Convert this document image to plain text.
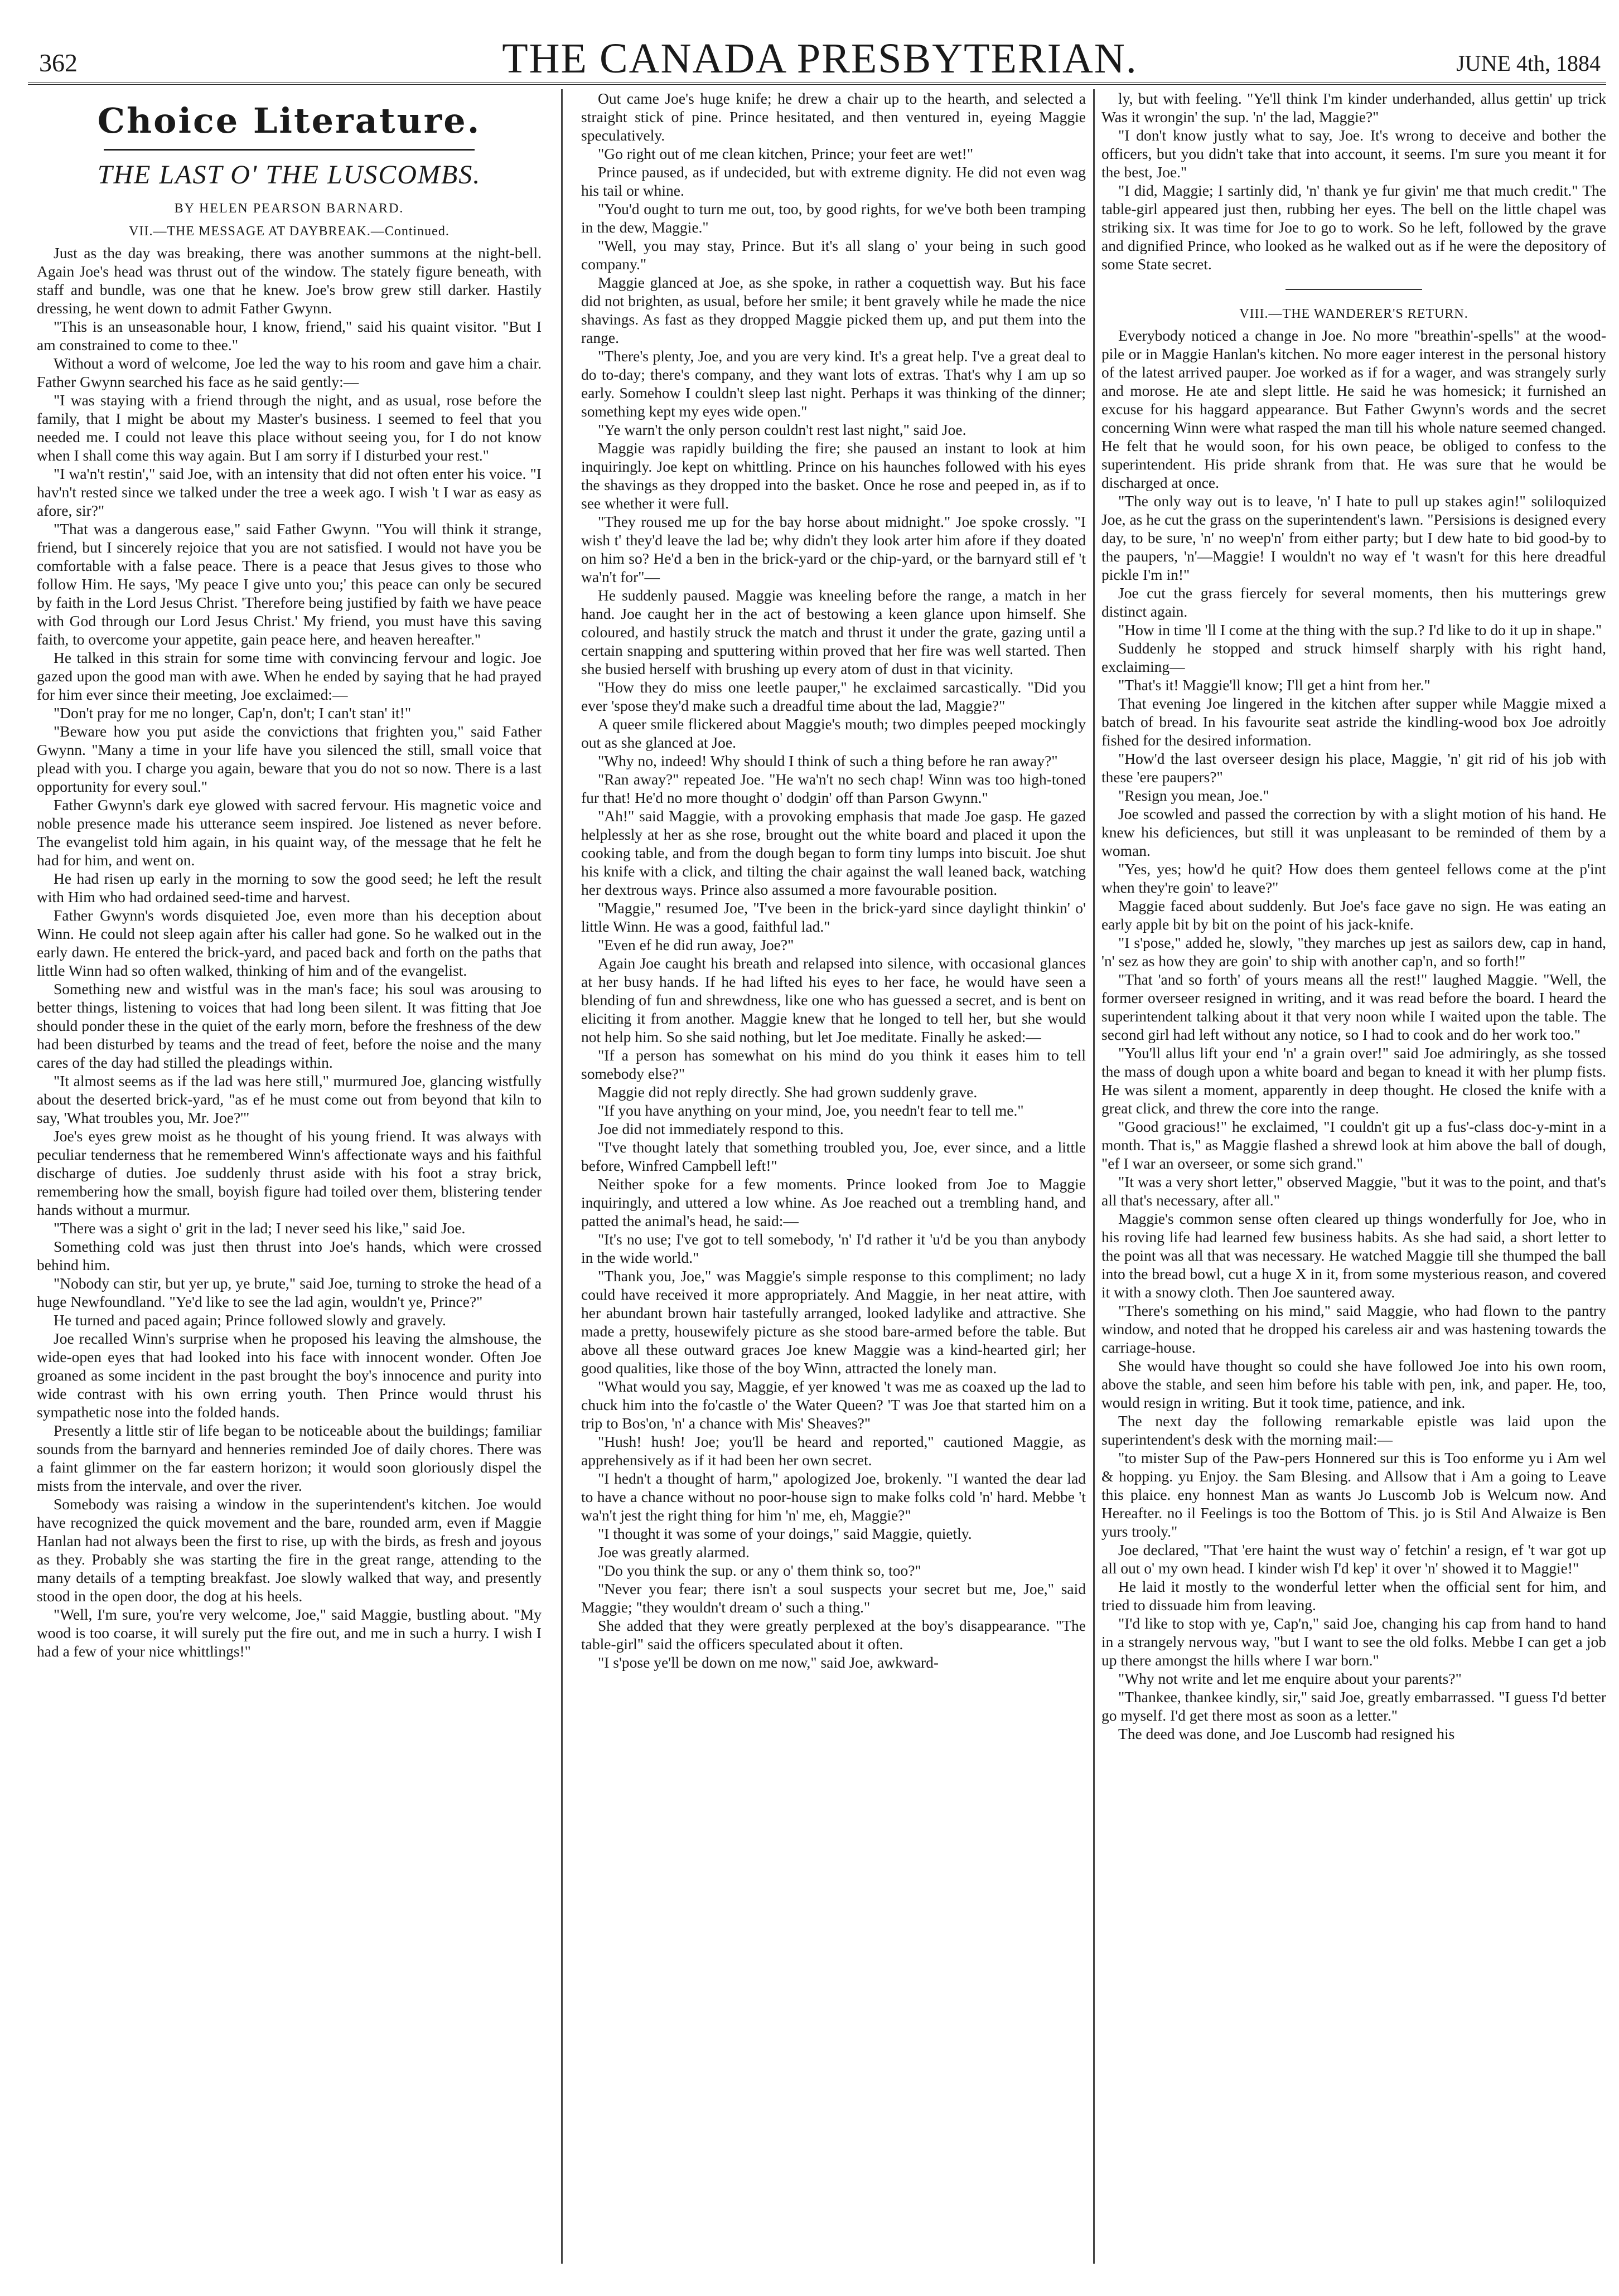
362	THE CANADA PRESBYTERIAN.	JUNE 4th, 1884
Choice Literature.
THE LAST O' THE LUSCOMBS.
BY HELEN PEARSON BARNARD.
VII.—THE MESSAGE AT DAYBREAK.—Continued.

Just as the day was breaking, there was another summons at the night-bell. Again Joe's head was thrust out of the window. The stately figure beneath, with staff and bundle, was one that he knew. Joe's brow grew still darker. Hastily dressing, he went down to admit Father Gwynn.

"This is an unseasonable hour, I know, friend," said his quaint visitor. "But I am constrained to come to thee."

Without a word of welcome, Joe led the way to his room and gave him a chair. Father Gwynn searched his face as he said gently:—

"I was staying with a friend through the night, and as usual, rose before the family, that I might be about my Master's business. I seemed to feel that you needed me. I could not leave this place without seeing you, for I do not know when I shall come this way again. But I am sorry if I disturbed your rest."

"I wa'n't restin'," said Joe, with an intensity that did not often enter his voice. "I hav'n't rested since we talked under the tree a week ago. I wish 't I war as easy as afore, sir?"

"That was a dangerous ease," said Father Gwynn. "You will think it strange, friend, but I sincerely rejoice that you are not satisfied. I would not have you be comfortable with a false peace. There is a peace that Jesus gives to those who follow Him. He says, 'My peace I give unto you;' this peace can only be secured by faith in the Lord Jesus Christ. 'Therefore being justified by faith we have peace with God through our Lord Jesus Christ.' My friend, you must have this saving faith, to overcome your appetite, gain peace here, and heaven hereafter."

He talked in this strain for some time with convincing fervour and logic. Joe gazed upon the good man with awe. When he ended by saying that he had prayed for him ever since their meeting, Joe exclaimed:—

"Don't pray for me no longer, Cap'n, don't; I can't stan' it!"

"Beware how you put aside the convictions that frighten you," said Father Gwynn. "Many a time in your life have you silenced the still, small voice that plead with you. I charge you again, beware that you do not so now. There is a last opportunity for every soul."

Father Gwynn's dark eye glowed with sacred fervour. His magnetic voice and noble presence made his utterance seem inspired. Joe listened as never before. The evangelist told him again, in his quaint way, of the message that he felt he had for him, and went on.

He had risen up early in the morning to sow the good seed; he left the result with Him who had ordained seed-time and harvest.

Father Gwynn's words disquieted Joe, even more than his deception about Winn. He could not sleep again after his caller had gone. So he walked out in the early dawn. He entered the brick-yard, and paced back and forth on the paths that little Winn had so often walked, thinking of him and of the evangelist.

Something new and wistful was in the man's face; his soul was arousing to better things, listening to voices that had long been silent. It was fitting that Joe should ponder these in the quiet of the early morn, before the freshness of the dew had been disturbed by teams and the tread of feet, before the noise and the many cares of the day had stilled the pleadings within.

"It almost seems as if the lad was here still," murmured Joe, glancing wistfully about the deserted brick-yard, "as ef he must come out from beyond that kiln to say, 'What troubles you, Mr. Joe?'"

Joe's eyes grew moist as he thought of his young friend. It was always with peculiar tenderness that he remembered Winn's affectionate ways and his faithful discharge of duties. Joe suddenly thrust aside with his foot a stray brick, remembering how the small, boyish figure had toiled over them, blistering tender hands without a murmur.

"There was a sight o' grit in the lad; I never seed his like," said Joe.

Something cold was just then thrust into Joe's hands, which were crossed behind him.

"Nobody can stir, but yer up, ye brute," said Joe, turning to stroke the head of a huge Newfoundland. "Ye'd like to see the lad agin, wouldn't ye, Prince?"

He turned and paced again; Prince followed slowly and gravely.

Joe recalled Winn's surprise when he proposed his leaving the almshouse, the wide-open eyes that had looked into his face with innocent wonder. Often Joe groaned as some incident in the past brought the boy's innocence and purity into wide contrast with his own erring youth. Then Prince would thrust his sympathetic nose into the folded hands.

Presently a little stir of life began to be noticeable about the buildings; familiar sounds from the barnyard and henneries reminded Joe of daily chores. There was a faint glimmer on the far eastern horizon; it would soon gloriously dispel the mists from the intervale, and over the river.

Somebody was raising a window in the superintendent's kitchen. Joe would have recognized the quick movement and the bare, rounded arm, even if Maggie Hanlan had not always been the first to rise, up with the birds, as fresh and joyous as they. Probably she was starting the fire in the great range, attending to the many details of a tempting breakfast. Joe slowly walked that way, and presently stood in the open door, the dog at his heels.

"Well, I'm sure, you're very welcome, Joe," said Maggie, bustling about. "My wood is too coarse, it will surely put the fire out, and me in such a hurry. I wish I had a few of your nice whittlings!"

Out came Joe's huge knife; he drew a chair up to the hearth, and selected a straight stick of pine. Prince hesitated, and then ventured in, eyeing Maggie speculatively.

"Go right out of me clean kitchen, Prince; your feet are wet!"

Prince paused, as if undecided, but with extreme dignity. He did not even wag his tail or whine.

"You'd ought to turn me out, too, by good rights, for we've both been tramping in the dew, Maggie."

"Well, you may stay, Prince. But it's all slang o' your being in such good company."

Maggie glanced at Joe, as she spoke, in rather a coquettish way. But his face did not brighten, as usual, before her smile; it bent gravely while he made the nice shavings. As fast as they dropped Maggie picked them up, and put them into the range.

"There's plenty, Joe, and you are very kind. It's a great help. I've a great deal to do to-day; there's company, and they want lots of extras. That's why I am up so early. Somehow I couldn't sleep last night. Perhaps it was thinking of the dinner; something kept my eyes wide open."

"Ye warn't the only person couldn't rest last night," said Joe.

Maggie was rapidly building the fire; she paused an instant to look at him inquiringly. Joe kept on whittling. Prince on his haunches followed with his eyes the shavings as they dropped into the basket. Once he rose and peeped in, as if to see whether it were full.

"They roused me up for the bay horse about midnight." Joe spoke crossly. "I wish t' they'd leave the lad be; why didn't they look arter him afore if they doated on him so? He'd a ben in the brick-yard or the chip-yard, or the barnyard still ef 't wa'n't for"—

He suddenly paused. Maggie was kneeling before the range, a match in her hand. Joe caught her in the act of bestowing a keen glance upon himself. She coloured, and hastily struck the match and thrust it under the grate, gazing until a certain snapping and sputtering within proved that her fire was well started. Then she busied herself with brushing up every atom of dust in that vicinity.

"How they do miss one leetle pauper," he exclaimed sarcastically. "Did you ever 'spose they'd make such a dreadful time about the lad, Maggie?"

A queer smile flickered about Maggie's mouth; two dimples peeped mockingly out as she glanced at Joe.

"Why no, indeed! Why should I think of such a thing before he ran away?"

"Ran away?" repeated Joe. "He wa'n't no sech chap! Winn was too high-toned fur that! He'd no more thought o' dodgin' off than Parson Gwynn."

"Ah!" said Maggie, with a provoking emphasis that made Joe gasp. He gazed helplessly at her as she rose, brought out the white board and placed it upon the cooking table, and from the dough began to form tiny lumps into biscuit. Joe shut his knife with a click, and tilting the chair against the wall leaned back, watching her dextrous ways. Prince also assumed a more favourable position.

"Maggie," resumed Joe, "I've been in the brick-yard since daylight thinkin' o' little Winn. He was a good, faithful lad."

"Even ef he did run away, Joe?"

Again Joe caught his breath and relapsed into silence, with occasional glances at her busy hands. If he had lifted his eyes to her face, he would have seen a blending of fun and shrewdness, like one who has guessed a secret, and is bent on eliciting it from another. Maggie knew that he longed to tell her, but she would not help him. So she said nothing, but let Joe meditate. Finally he asked:—

"If a person has somewhat on his mind do you think it eases him to tell somebody else?"

Maggie did not reply directly. She had grown suddenly grave.

"If you have anything on your mind, Joe, you needn't fear to tell me."

Joe did not immediately respond to this.

"I've thought lately that something troubled you, Joe, ever since, and a little before, Winfred Campbell left!"

Neither spoke for a few moments. Prince looked from Joe to Maggie inquiringly, and uttered a low whine. As Joe reached out a trembling hand, and patted the animal's head, he said:—

"It's no use; I've got to tell somebody, 'n' I'd rather it 'u'd be you than anybody in the wide world."

"Thank you, Joe," was Maggie's simple response to this compliment; no lady could have received it more appropriately. And Maggie, in her neat attire, with her abundant brown hair tastefully arranged, looked ladylike and attractive. She made a pretty, housewifely picture as she stood bare-armed before the table. But above all these outward graces Joe knew Maggie was a kind-hearted girl; her good qualities, like those of the boy Winn, attracted the lonely man.

"What would you say, Maggie, ef yer knowed 't was me as coaxed up the lad to chuck him into the fo'castle o' the Water Queen? 'T was Joe that started him on a trip to Bos'on, 'n' a chance with Mis' Sheaves?"

"Hush! hush! Joe; you'll be heard and reported," cautioned Maggie, as apprehensively as if it had been her own secret.

"I hedn't a thought of harm," apologized Joe, brokenly. "I wanted the dear lad to have a chance without no poor-house sign to make folks cold 'n' hard. Mebbe 't wa'n't jest the right thing for him 'n' me, eh, Maggie?"

"I thought it was some of your doings," said Maggie, quietly.

Joe was greatly alarmed.

"Do you think the sup. or any o' them think so, too?"

"Never you fear; there isn't a soul suspects your secret but me, Joe," said Maggie; "they wouldn't dream o' such a thing."

She added that they were greatly perplexed at the boy's disappearance. "The table-girl" said the officers speculated about it often.

"I s'pose ye'll be down on me now," said Joe, awkward-

ly, but with feeling. "Ye'll think I'm kinder underhanded, allus gettin' up trick Was it wrongin' the sup. 'n' the lad, Maggie?"

"I don't know justly what to say, Joe. It's wrong to deceive and bother the officers, but you didn't take that into account, it seems. I'm sure you meant it for the best, Joe."

"I did, Maggie; I sartinly did, 'n' thank ye fur givin' me that much credit." The table-girl appeared just then, rubbing her eyes. The bell on the little chapel was striking six. It was time for Joe to go to work. So he left, followed by the grave and dignified Prince, who looked as he walked out as if he were the depository of some State secret.

VIII.—THE WANDERER'S RETURN.

Everybody noticed a change in Joe. No more "breathin'-spells" at the wood-pile or in Maggie Hanlan's kitchen. No more eager interest in the personal history of the latest arrived pauper. Joe worked as if for a wager, and was strangely surly and morose. He ate and slept little. He said he was homesick; it furnished an excuse for his haggard appearance. But Father Gwynn's words and the secret concerning Winn were what rasped the man till his whole nature seemed changed. He felt that he would soon, for his own peace, be obliged to confess to the superintendent. His pride shrank from that. He was sure that he would be discharged at once.

"The only way out is to leave, 'n' I hate to pull up stakes agin!" soliloquized Joe, as he cut the grass on the superintendent's lawn. "Persisions is designed every day, to be sure, 'n' no weep'n' from either party; but I dew hate to bid good-by to the paupers, 'n'—Maggie! I wouldn't no way ef 't wasn't for this here dreadful pickle I'm in!"

Joe cut the grass fiercely for several moments, then his mutterings grew distinct again.

"How in time 'll I come at the thing with the sup.? I'd like to do it up in shape."

Suddenly he stopped and struck himself sharply with his right hand, exclaiming—

"That's it! Maggie'll know; I'll get a hint from her."

That evening Joe lingered in the kitchen after supper while Maggie mixed a batch of bread. In his favourite seat astride the kindling-wood box Joe adroitly fished for the desired information.

"How'd the last overseer design his place, Maggie, 'n' git rid of his job with these 'ere paupers?"

"Resign you mean, Joe."

Joe scowled and passed the correction by with a slight motion of his hand. He knew his deficiences, but still it was unpleasant to be reminded of them by a woman.

"Yes, yes; how'd he quit? How does them genteel fellows come at the p'int when they're goin' to leave?"

Maggie faced about suddenly. But Joe's face gave no sign. He was eating an early apple bit by bit on the point of his jack-knife.

"I s'pose," added he, slowly, "they marches up jest as sailors dew, cap in hand, 'n' sez as how they are goin' to ship with another cap'n, and so forth!"

"That 'and so forth' of yours means all the rest!" laughed Maggie. "Well, the former overseer resigned in writing, and it was read before the board. I heard the superintendent talking about it that very noon while I waited upon the table. The second girl had left without any notice, so I had to cook and do her work too."

"You'll allus lift your end 'n' a grain over!" said Joe admiringly, as she tossed the mass of dough upon a white board and began to knead it with her plump fists. He was silent a moment, apparently in deep thought. He closed the knife with a great click, and threw the core into the range.

"Good gracious!" he exclaimed, "I couldn't git up a fus'-class doc-y-mint in a month. That is," as Maggie flashed a shrewd look at him above the ball of dough, "ef I war an overseer, or some sich grand."

"It was a very short letter," observed Maggie, "but it was to the point, and that's all that's necessary, after all."

Maggie's common sense often cleared up things wonderfully for Joe, who in his roving life had learned few business habits. As she had said, a short letter to the point was all that was necessary. He watched Maggie till she thumped the ball into the bread bowl, cut a huge X in it, from some mysterious reason, and covered it with a snowy cloth. Then Joe sauntered away.

"There's something on his mind," said Maggie, who had flown to the pantry window, and noted that he dropped his careless air and was hastening towards the carriage-house.

She would have thought so could she have followed Joe into his own room, above the stable, and seen him before his table with pen, ink, and paper. He, too, would resign in writing. But it took time, patience, and ink.

The next day the following remarkable epistle was laid upon the superintendent's desk with the morning mail:—

"to mister Sup of the Paw-pers Honnered sur this is Too enforme yu i Am wel & hopping. yu Enjoy. the Sam Blesing. and Allsow that i Am a going to Leave this plaice. eny honnest Man as wants Jo Luscomb Job is Welcum now. And Hereafter. no il Feelings is too the Bottom of This. jo is Stil And Alwaize is Ben yurs trooly."

Joe declared, "That 'ere haint the wust way o' fetchin' a resign, ef 't war got up all out o' my own head. I kinder wish I'd kep' it over 'n' showed it to Maggie!"

He laid it mostly to the wonderful letter when the official sent for him, and tried to dissuade him from leaving.

"I'd like to stop with ye, Cap'n," said Joe, changing his cap from hand to hand in a strangely nervous way, "but I want to see the old folks. Mebbe I can get a job up there amongst the hills where I war born."

"Why not write and let me enquire about your parents?"

"Thankee, thankee kindly, sir," said Joe, greatly embarrassed. "I guess I'd better go myself. I'd get there most as soon as a letter."

The deed was done, and Joe Luscomb had resigned his
